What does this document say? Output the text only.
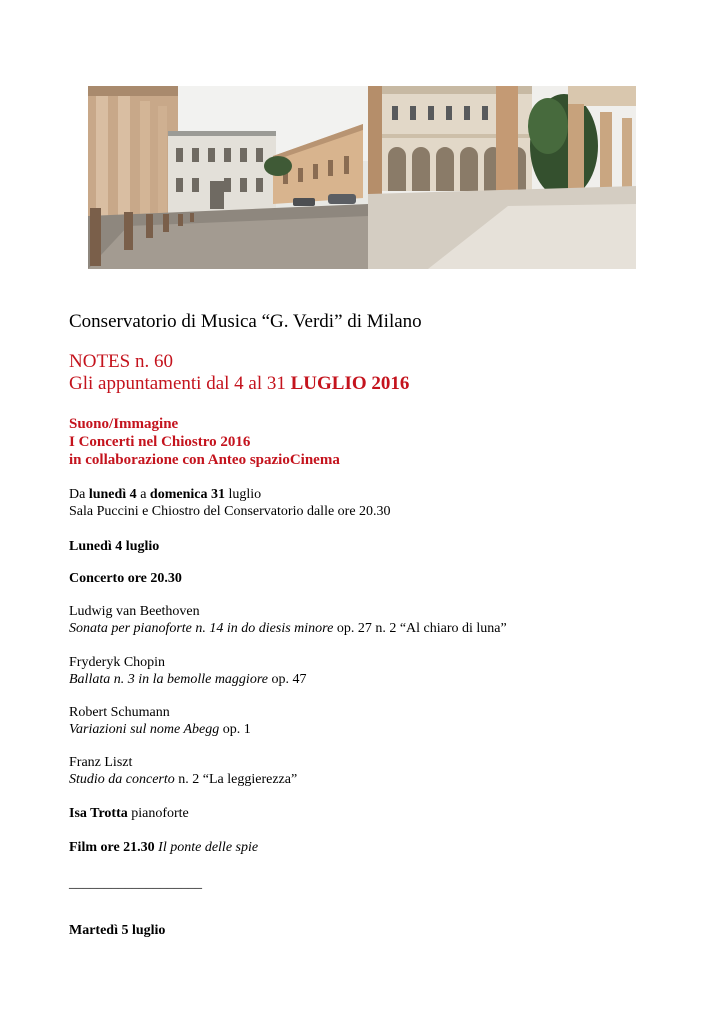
Conservatorio di Musica “G. Verdi” di Milano
NOTES n. 60
Gli appuntamenti dal 4 al 31 LUGLIO 2016
Suono/Immagine
I Concerti nel Chiostro 2016
in collaborazione con Anteo spazioCinema
Da lunedì 4 a domenica 31 luglio
Sala Puccini e Chiostro del Conservatorio dalle ore 20.30
Lunedì 4 luglio
Concerto ore 20.30
Ludwig van Beethoven
Sonata per pianoforte n. 14 in do diesis minore op. 27 n. 2 “Al chiaro di luna”
Fryderyk Chopin
Ballata n. 3 in la bemolle maggiore op. 47
Robert Schumann
Variazioni sul nome Abegg op. 1
Franz Liszt
Studio da concerto n. 2 “La leggierezza”
Isa Trotta pianoforte
Film ore 21.30 Il ponte delle spie
___________________
Martedì 5 luglio
